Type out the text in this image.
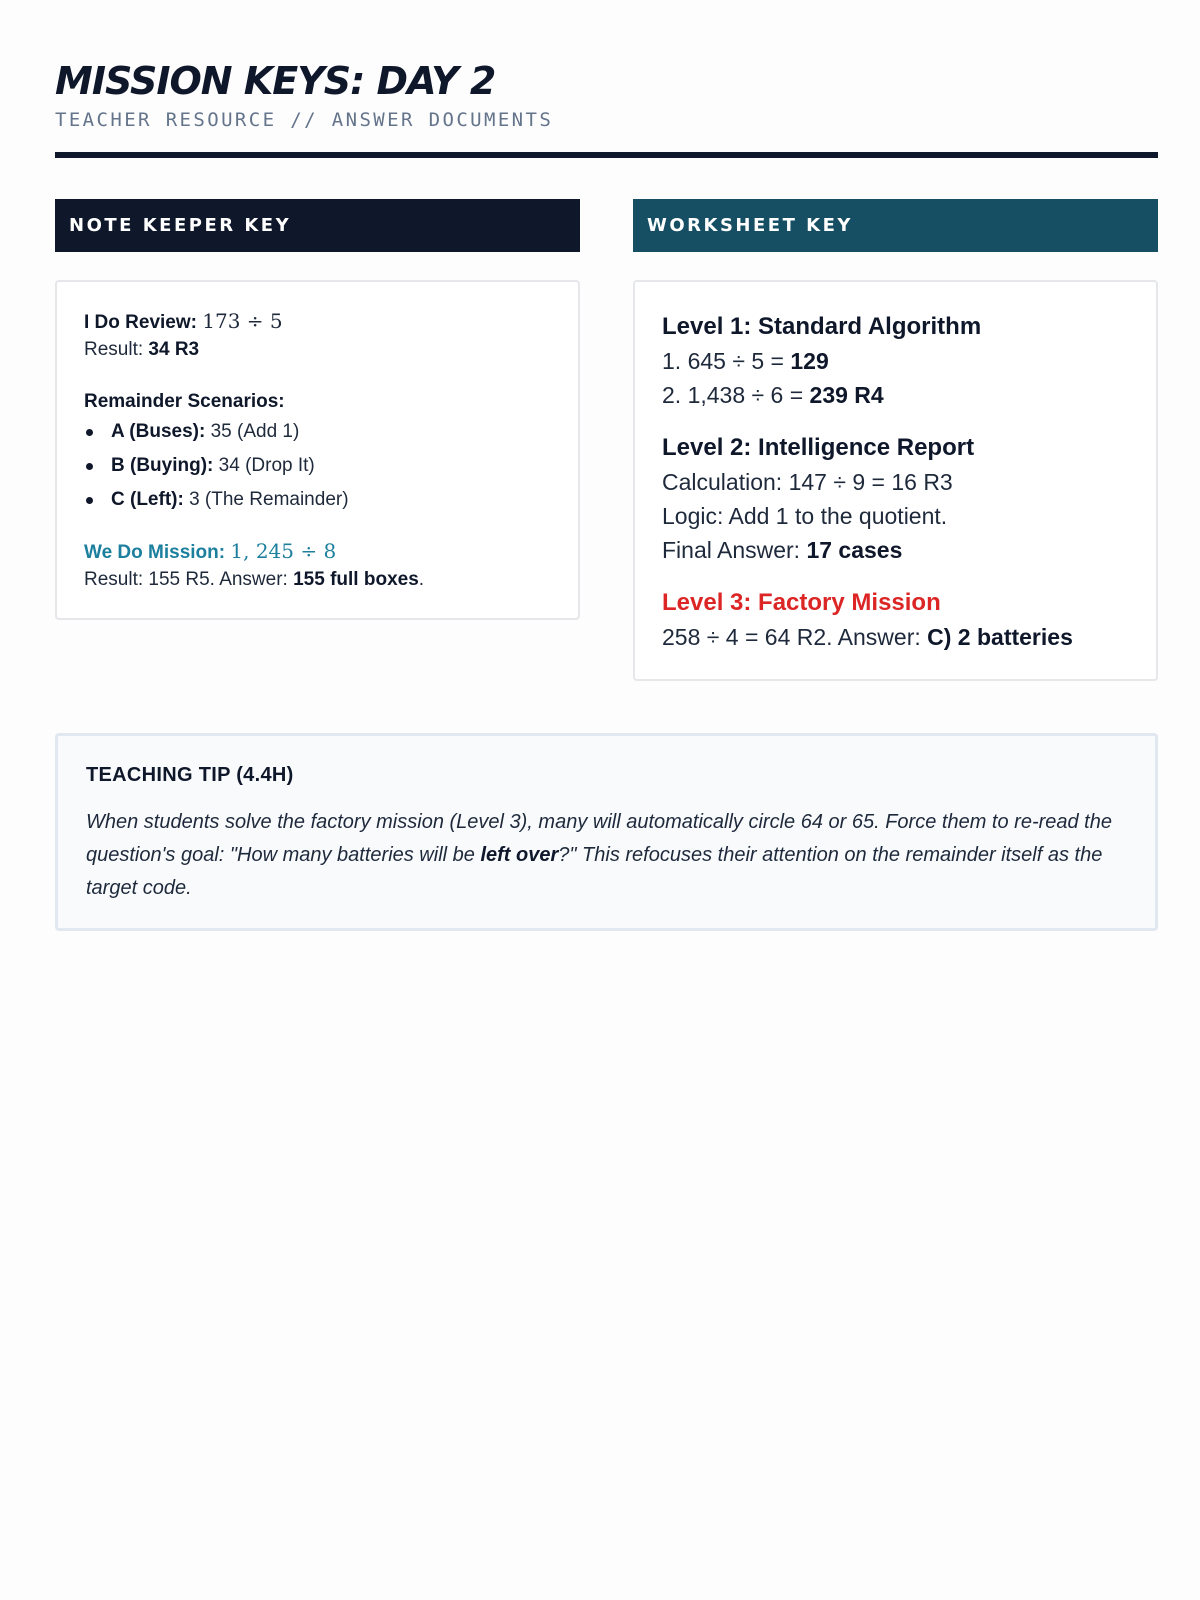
MISSION KEYS: DAY 2
TEACHER RESOURCE // ANSWER DOCUMENTS
NOTE KEEPER KEY
I Do Review: 173 ÷ 5
Result: 34 R3
Remainder Scenarios:
A (Buses): 35 (Add 1)
B (Buying): 34 (Drop It)
C (Left): 3 (The Remainder)
We Do Mission: 1, 245 ÷ 8
Result: 155 R5. Answer: 155 full boxes.
WORKSHEET KEY
Level 1: Standard Algorithm
1. 645 ÷ 5 = 129
2. 1,438 ÷ 6 = 239 R4
Level 2: Intelligence Report
Calculation: 147 ÷ 9 = 16 R3
Logic: Add 1 to the quotient.
Final Answer: 17 cases
Level 3: Factory Mission
258 ÷ 4 = 64 R2. Answer: C) 2 batteries
TEACHING TIP (4.4H)
When students solve the factory mission (Level 3), many will automatically circle 64 or 65. Force them to re-read the question's goal: "How many batteries will be left over?" This refocuses their attention on the remainder itself as the target code.
